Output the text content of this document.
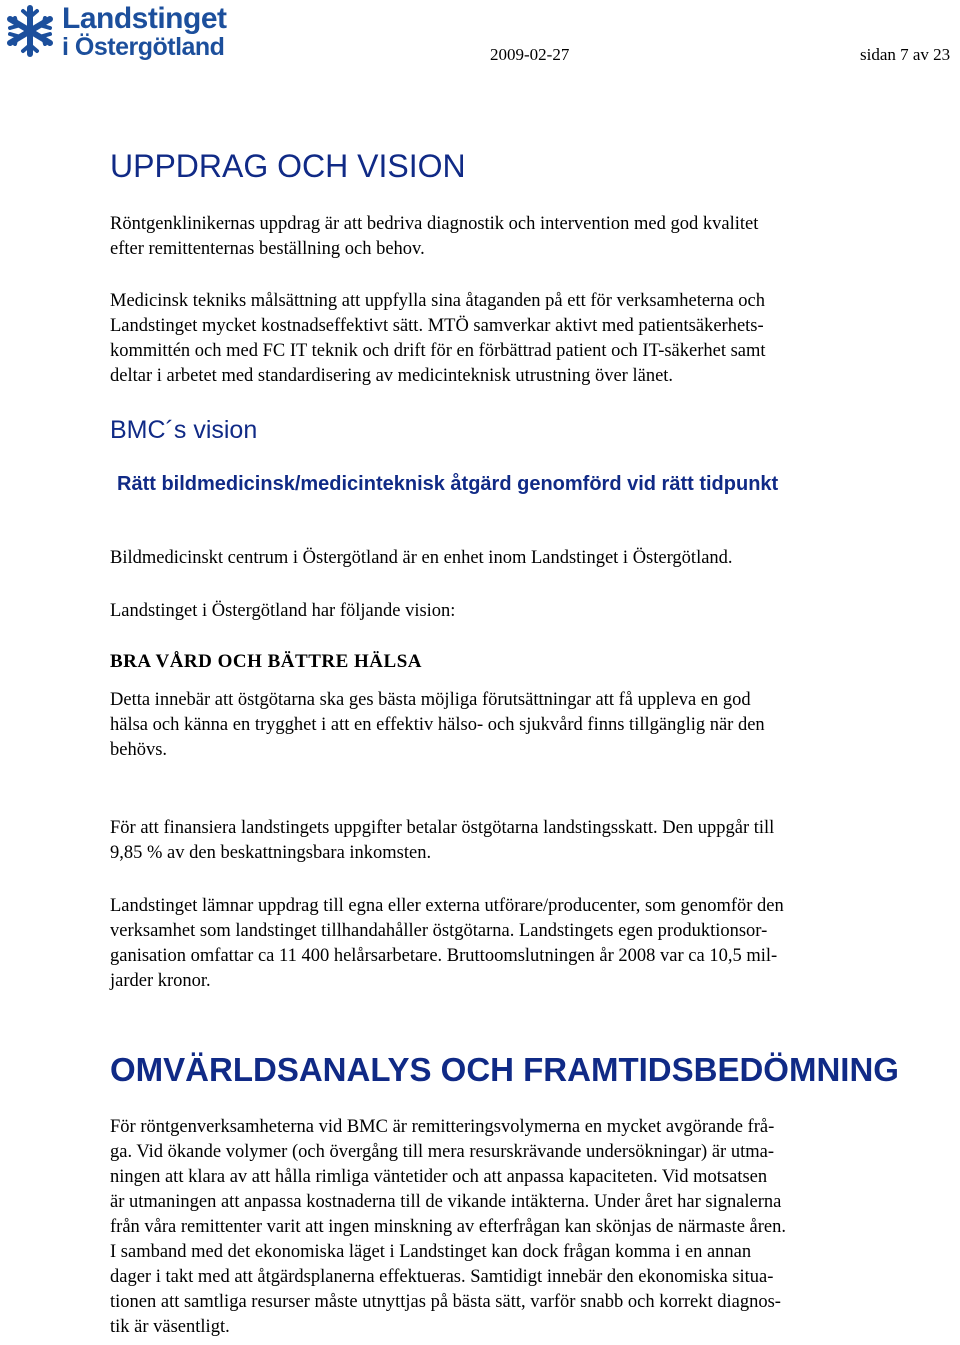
Landstinget
i Östergötland	2009-02-27	sidan 7 av 23
UPPDRAG OCH VISION

Röntgenklinikernas uppdrag är att bedriva diagnostik och intervention med god kvalitet
efter remittenternas beställning och behov.

Medicinsk tekniks målsättning att uppfylla sina åtaganden på ett för verksamheterna och
Landstinget mycket kostnadseffektivt sätt. MTÖ samverkar aktivt med patientsäkerhets-
kommittén och med FC IT teknik och drift för en förbättrad patient och IT-säkerhet samt
deltar i arbetet med standardisering av medicinteknisk utrustning över länet.

BMC´s vision
Rätt bildmedicinsk/medicinteknisk åtgärd genomförd vid rätt tidpunkt

Bildmedicinskt centrum i Östergötland är en enhet inom Landstinget i Östergötland.

Landstinget i Östergötland har följande vision:

BRA VÅRD OCH BÄTTRE HÄLSA

Detta innebär att östgötarna ska ges bästa möjliga förutsättningar att få uppleva en god
hälsa och känna en trygghet i att en effektiv hälso- och sjukvård finns tillgänglig när den
behövs.

För att finansiera landstingets uppgifter betalar östgötarna landstingsskatt. Den uppgår till
9,85 % av den beskattningsbara inkomsten.

Landstinget lämnar uppdrag till egna eller externa utförare/producenter, som genomför den
verksamhet som landstinget tillhandahåller östgötarna. Landstingets egen produktionsor-
ganisation omfattar ca 11 400 helårsarbetare. Bruttoomslutningen år 2008 var ca 10,5 mil-
jarder kronor.

OMVÄRLDSANALYS OCH FRAMTIDSBEDÖMNING

För röntgenverksamheterna vid BMC är remitteringsvolymerna en mycket avgörande frå-
ga. Vid ökande volymer (och övergång till mera resurskrävande undersökningar) är utma-
ningen att klara av att hålla rimliga väntetider och att anpassa kapaciteten. Vid motsatsen
är utmaningen att anpassa kostnaderna till de vikande intäkterna. Under året har signalerna
från våra remittenter varit att ingen minskning av efterfrågan kan skönjas de närmaste åren.
I samband med det ekonomiska läget i Landstinget kan dock frågan komma i en annan
dager i takt med att åtgärdsplanerna effektueras. Samtidigt innebär den ekonomiska situa-
tionen att samtliga resurser måste utnyttjas på bästa sätt, varför snabb och korrekt diagnos-
tik är väsentligt.
